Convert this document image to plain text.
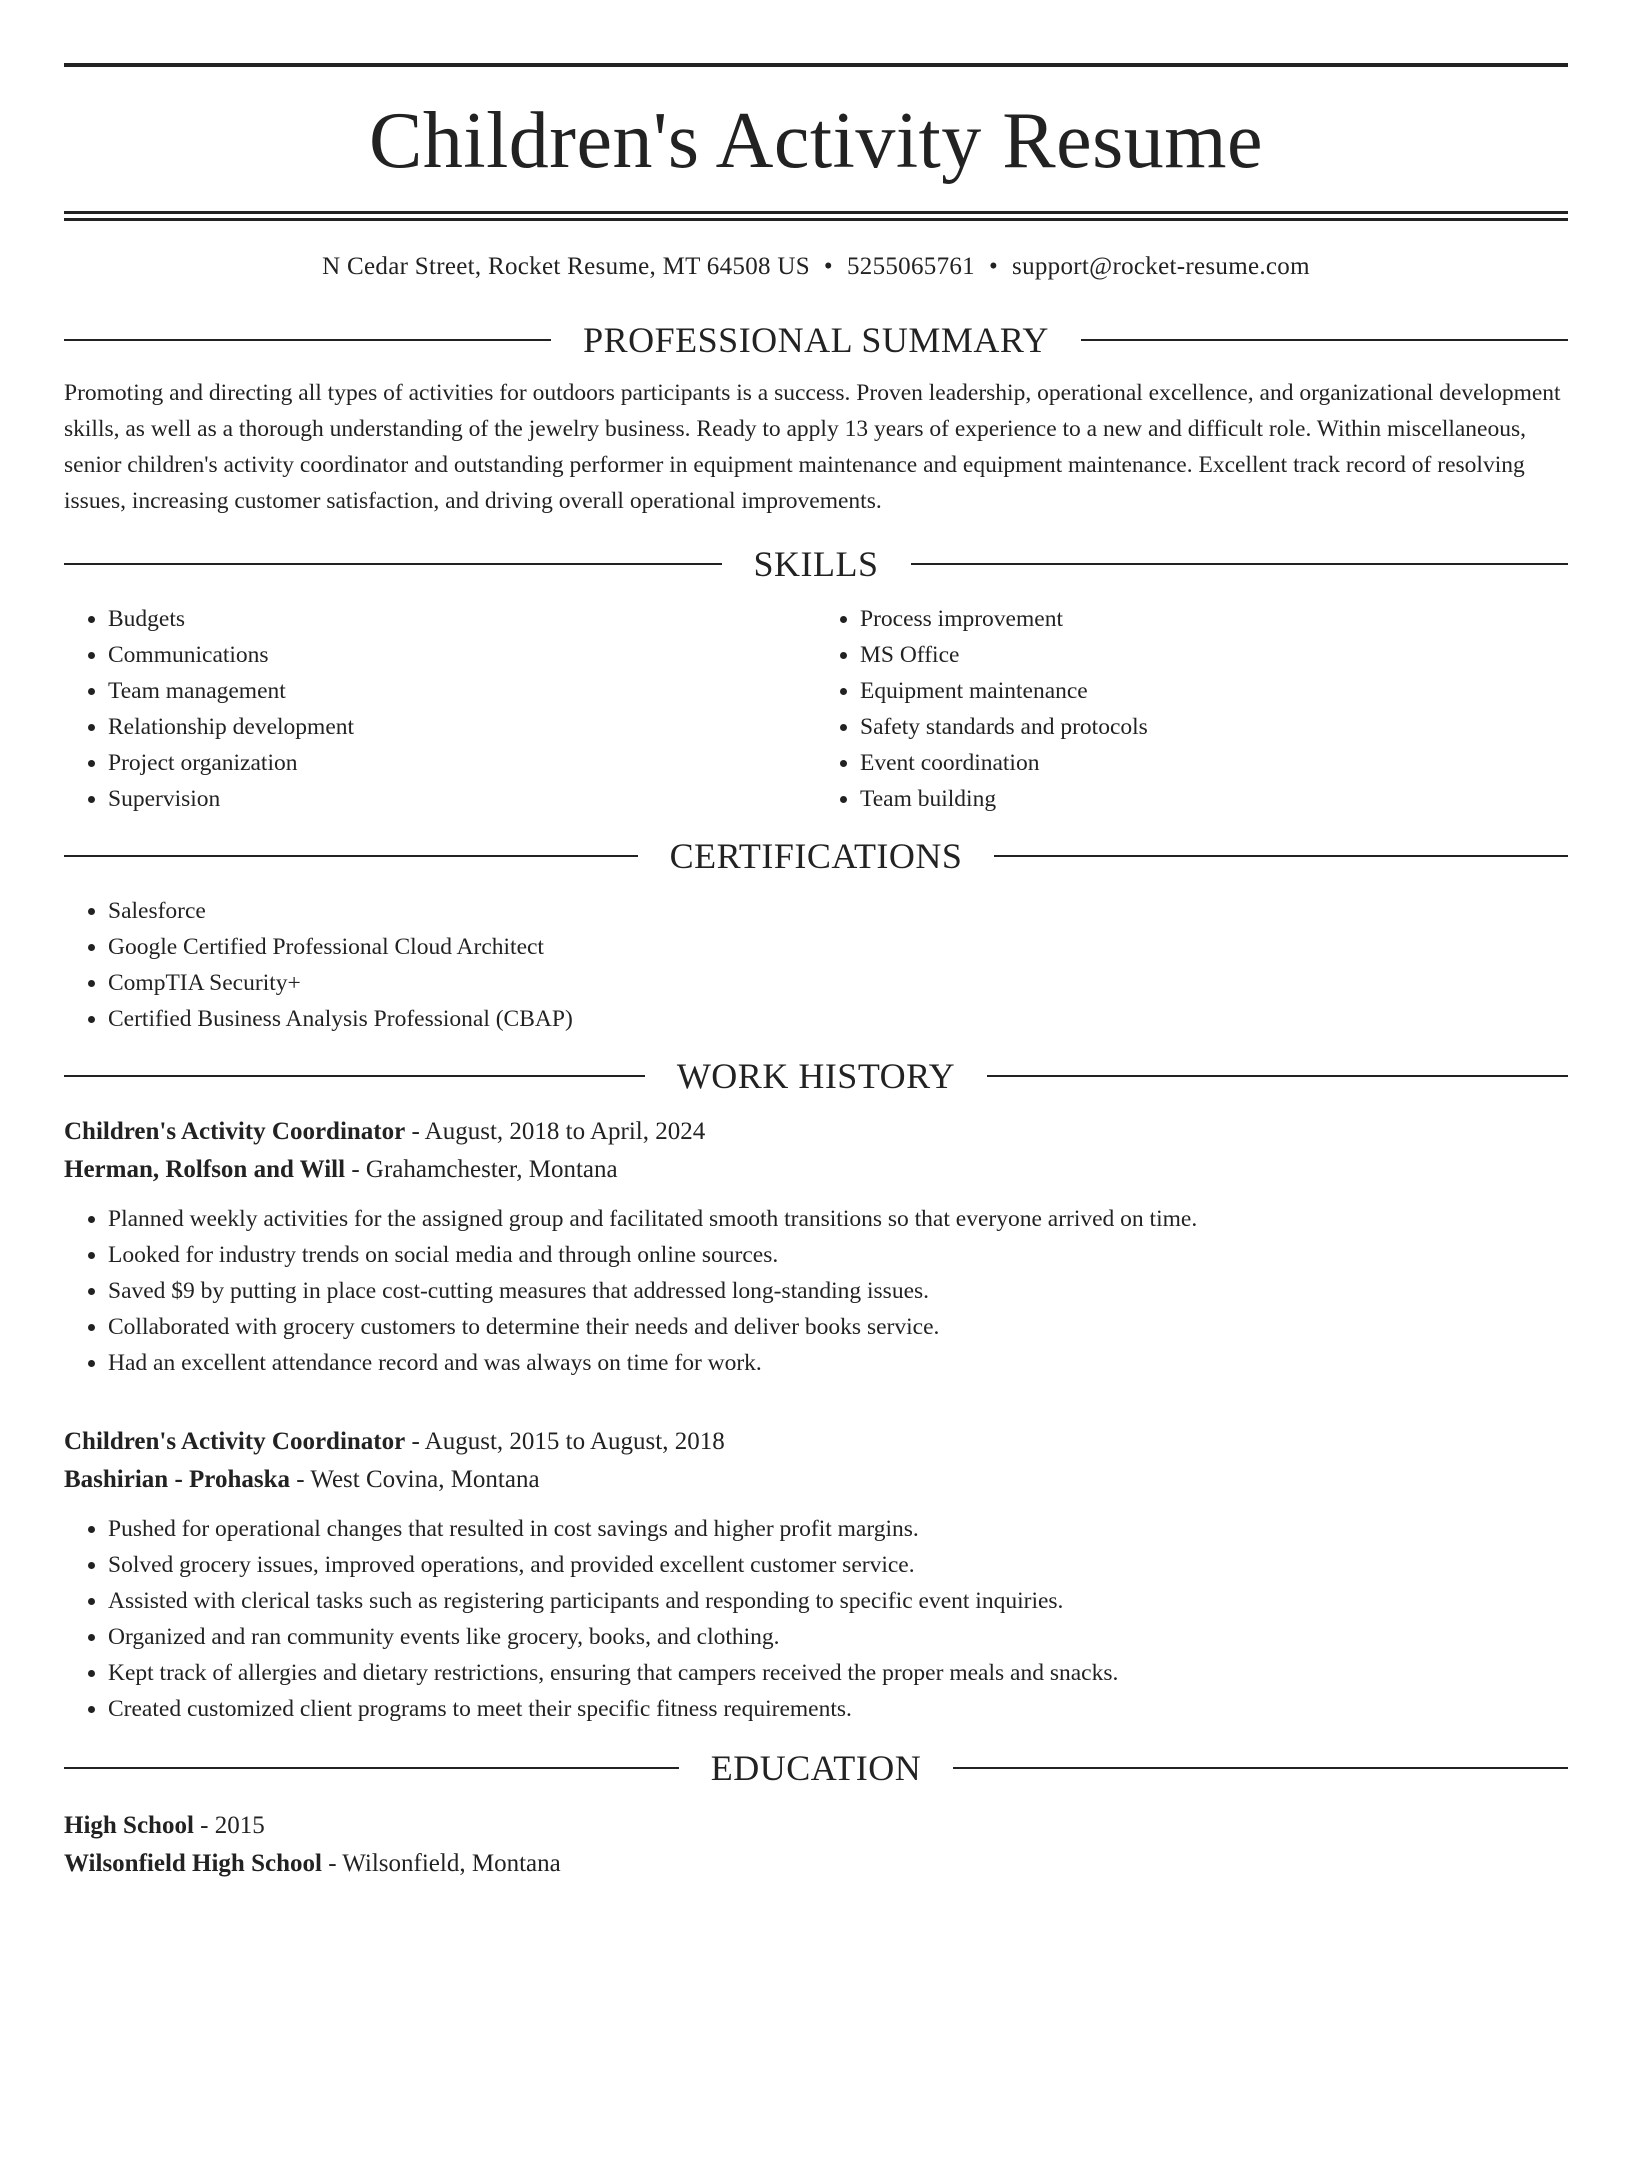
Children's Activity Resume
N Cedar Street, Rocket Resume, MT 64508 US • 5255065761 • support@rocket-resume.com
PROFESSIONAL SUMMARY

Promoting and directing all types of activities for outdoors participants is a success. Proven leadership, operational excellence, and organizational development skills, as well as a thorough understanding of the jewelry business. Ready to apply 13 years of experience to a new and difficult role. Within miscellaneous, senior children's activity coordinator and outstanding performer in equipment maintenance and equipment maintenance. Excellent track record of resolving issues, increasing customer satisfaction, and driving overall operational improvements.

SKILLS
• Budgets
• Communications
• Team management
• Relationship development
• Project organization
• Supervision
• Process improvement
• MS Office
• Equipment maintenance
• Safety standards and protocols
• Event coordination
• Team building
CERTIFICATIONS
• Salesforce
• Google Certified Professional Cloud Architect
• CompTIA Security+
• Certified Business Analysis Professional (CBAP)
WORK HISTORY
Children's Activity Coordinator - August, 2018 to April, 2024
Herman, Rolfson and Will - Grahamchester, Montana
• Planned weekly activities for the assigned group and facilitated smooth transitions so that everyone arrived on time.
• Looked for industry trends on social media and through online sources.
• Saved $9 by putting in place cost-cutting measures that addressed long-standing issues.
• Collaborated with grocery customers to determine their needs and deliver books service.
• Had an excellent attendance record and was always on time for work.
Children's Activity Coordinator - August, 2015 to August, 2018
Bashirian - Prohaska - West Covina, Montana
• Pushed for operational changes that resulted in cost savings and higher profit margins.
• Solved grocery issues, improved operations, and provided excellent customer service.
• Assisted with clerical tasks such as registering participants and responding to specific event inquiries.
• Organized and ran community events like grocery, books, and clothing.
• Kept track of allergies and dietary restrictions, ensuring that campers received the proper meals and snacks.
• Created customized client programs to meet their specific fitness requirements.
EDUCATION
High School - 2015
Wilsonfield High School - Wilsonfield, Montana
